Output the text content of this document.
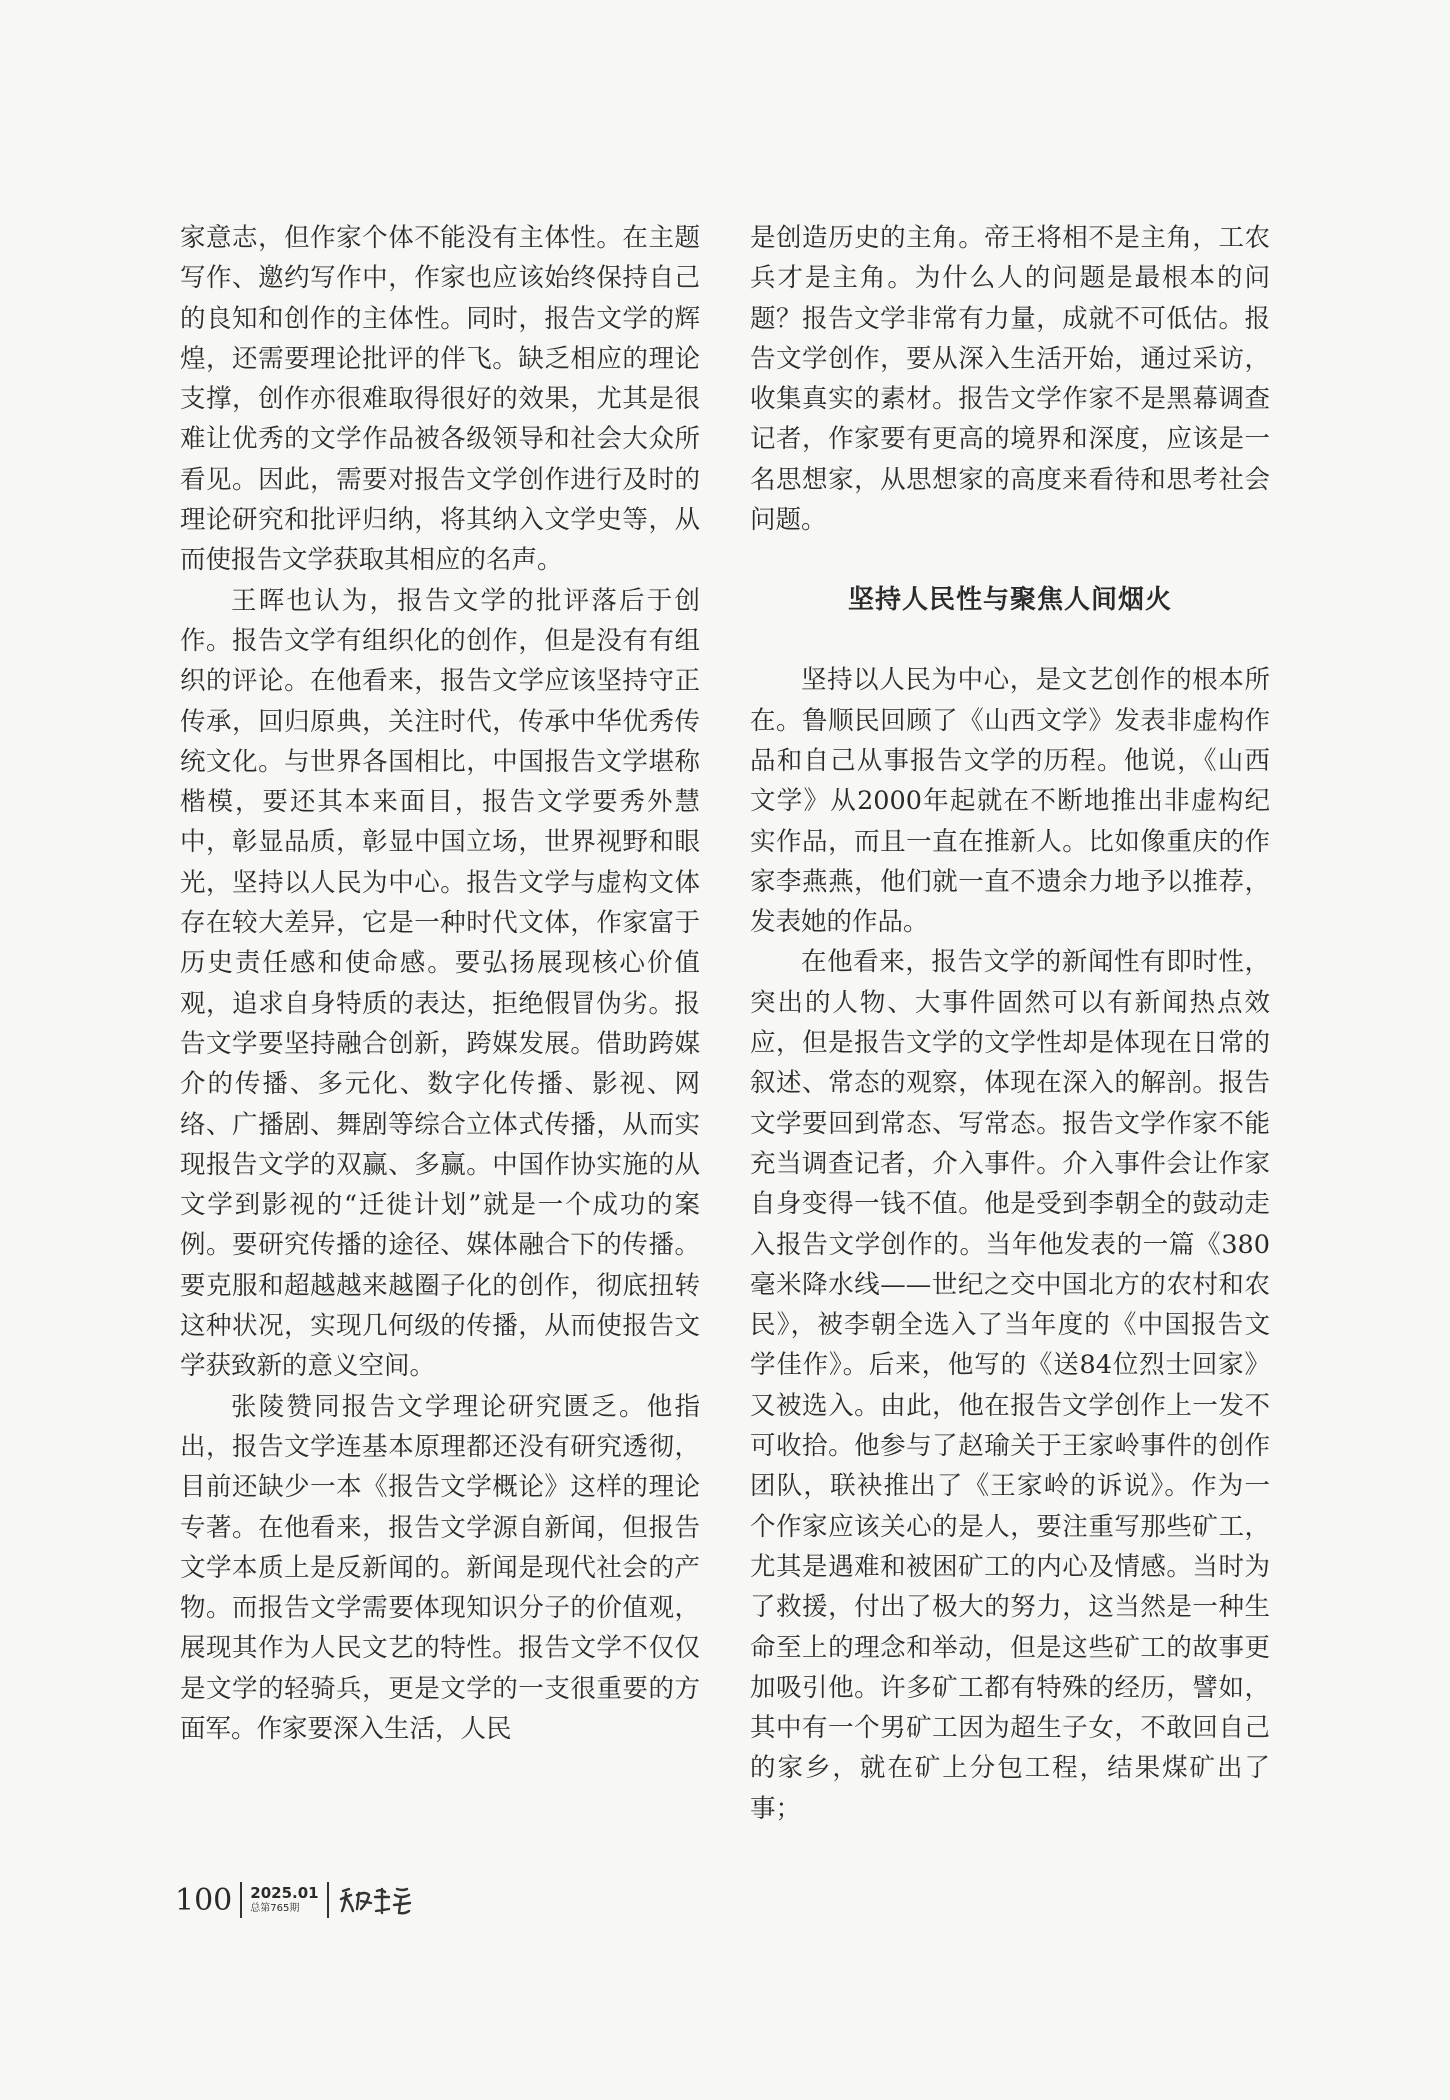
家意志，但作家个体不能没有主体性。在主题写作、邀约写作中，作家也应该始终保持自己的良知和创作的主体性。同时，报告文学的辉煌，还需要理论批评的伴飞。缺乏相应的理论支撑，创作亦很难取得很好的效果，尤其是很难让优秀的文学作品被各级领导和社会大众所看见。因此，需要对报告文学创作进行及时的理论研究和批评归纳，将其纳入文学史等，从而使报告文学获取其相应的名声。

王晖也认为，报告文学的批评落后于创作。报告文学有组织化的创作，但是没有有组织的评论。在他看来，报告文学应该坚持守正传承，回归原典，关注时代，传承中华优秀传统文化。与世界各国相比，中国报告文学堪称楷模，要还其本来面目，报告文学要秀外慧中，彰显品质，彰显中国立场，世界视野和眼光，坚持以人民为中心。报告文学与虚构文体存在较大差异，它是一种时代文体，作家富于历史责任感和使命感。要弘扬展现核心价值观，追求自身特质的表达，拒绝假冒伪劣。报告文学要坚持融合创新，跨媒发展。借助跨媒介的传播、多元化、数字化传播、影视、网络、广播剧、舞剧等综合立体式传播，从而实现报告文学的双赢、多赢。中国作协实施的从文学到影视的“迁徙计划”就是一个成功的案例。要研究传播的途径、媒体融合下的传播。要克服和超越越来越圈子化的创作，彻底扭转这种状况，实现几何级的传播，从而使报告文学获致新的意义空间。

张陵赞同报告文学理论研究匮乏。他指出，报告文学连基本原理都还没有研究透彻，目前还缺少一本《报告文学概论》这样的理论专著。在他看来，报告文学源自新闻，但报告文学本质上是反新闻的。新闻是现代社会的产物。而报告文学需要体现知识分子的价值观，展现其作为人民文艺的特性。报告文学不仅仅是文学的轻骑兵，更是文学的一支很重要的方面军。作家要深入生活，人民

是创造历史的主角。帝王将相不是主角，工农兵才是主角。为什么人的问题是最根本的问题？报告文学非常有力量，成就不可低估。报告文学创作，要从深入生活开始，通过采访，收集真实的素材。报告文学作家不是黑幕调查记者，作家要有更高的境界和深度，应该是一名思想家，从思想家的高度来看待和思考社会问题。

坚持人民性与聚焦人间烟火

坚持以人民为中心，是文艺创作的根本所在。鲁顺民回顾了《山西文学》发表非虚构作品和自己从事报告文学的历程。他说，《山西文学》从2000年起就在不断地推出非虚构纪实作品，而且一直在推新人。比如像重庆的作家李燕燕，他们就一直不遗余力地予以推荐，发表她的作品。

在他看来，报告文学的新闻性有即时性，突出的人物、大事件固然可以有新闻热点效应，但是报告文学的文学性却是体现在日常的叙述、常态的观察，体现在深入的解剖。报告文学要回到常态、写常态。报告文学作家不能充当调查记者，介入事件。介入事件会让作家自身变得一钱不值。他是受到李朝全的鼓动走入报告文学创作的。当年他发表的一篇《380毫米降水线——世纪之交中国北方的农村和农民》，被李朝全选入了当年度的《中国报告文学佳作》。后来，他写的《送84位烈士回家》又被选入。由此，他在报告文学创作上一发不可收拾。他参与了赵瑜关于王家岭事件的创作团队，联袂推出了《王家岭的诉说》。作为一个作家应该关心的是人，要注重写那些矿工，尤其是遇难和被困矿工的内心及情感。当时为了救援，付出了极大的努力，这当然是一种生命至上的理念和举动，但是这些矿工的故事更加吸引他。许多矿工都有特殊的经历，譬如，其中有一个男矿工因为超生子女，不敢回自己的家乡，就在矿上分包工程，结果煤矿出了事；

100 2025.01
总第765期
